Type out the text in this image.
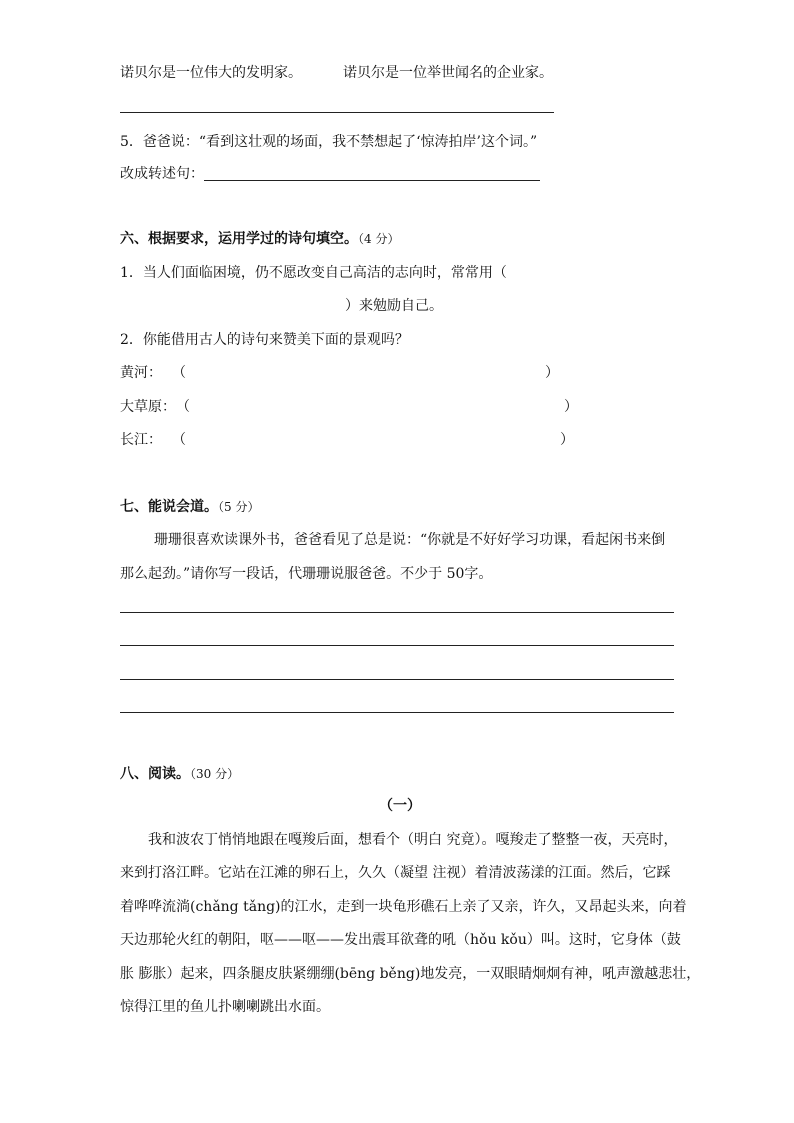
诺贝尔是一位伟大的发明家。	诺贝尔是一位举世闻名的企业家。
5．爸爸说：“看到这壮观的场面，我不禁想起了‘惊涛拍岸’这个词。”
改成转述句：
六、根据要求，运用学过的诗句填空。（4 分）
1．当人们面临困境，仍不愿改变自己高洁的志向时，常常用（
）来勉励自己。
2．你能借用古人的诗句来赞美下面的景观吗？
黄河： （	）
大草原： （	）
长江： （	）
七、能说会道。（5 分）
珊珊很喜欢读课外书，爸爸看见了总是说：“你就是不好好学习功课，看起闲书来倒
那么起劲。”请你写一段话，代珊珊说服爸爸。不少于 50字。
八、阅读。（30 分）
（一）
我和波农丁悄悄地跟在嘎羧后面，想看个（明白 究竟）。嘎羧走了整整一夜，天亮时，
来到打洛江畔。它站在江滩的卵石上，久久（凝望 注视）着清波荡漾的江面。然后，它踩
着哗哗流淌(chǎng tǎng)的江水，走到一块龟形礁石上亲了又亲，许久，又昂起头来，向着
天边那轮火红的朝阳，呕——呕——发出震耳欲聋的吼（hǒu kǒu）叫。这时，它身体（鼓
胀 膨胀）起来，四条腿皮肤紧绷绷(bēng běng)地发亮，一双眼睛炯炯有神，吼声激越悲壮，
惊得江里的鱼儿扑喇喇跳出水面。
